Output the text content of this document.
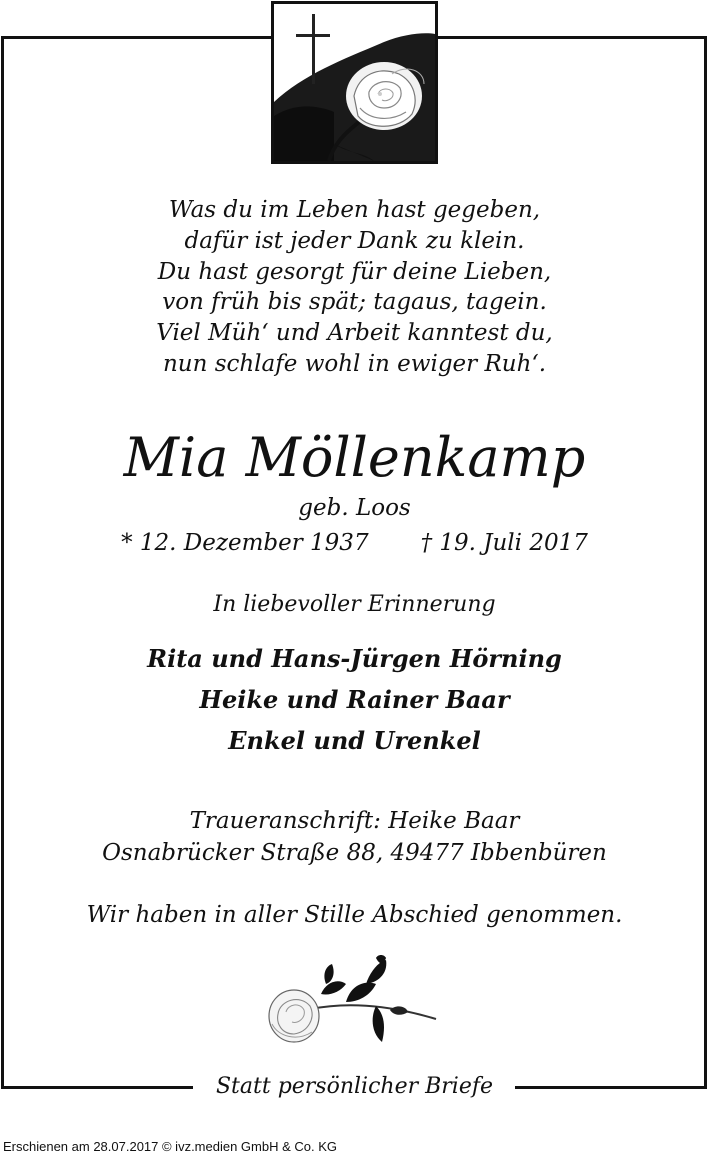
Was du im Leben hast gegeben,
dafür ist jeder Dank zu klein.
Du hast gesorgt für deine Lieben,
von früh bis spät; tagaus, tagein.
Viel Müh‘ und Arbeit kanntest du,
nun schlafe wohl in ewiger Ruh‘.
Mia Möllenkamp
geb. Loos
* 12. Dezember 1937 † 19. Juli 2017
In liebevoller Erinnerung
Rita und Hans-Jürgen Hörning
Heike und Rainer Baar
Enkel und Urenkel
Traueranschrift: Heike Baar
Osnabrücker Straße 88, 49477 Ibbenbüren
Wir haben in aller Stille Abschied genommen.
Statt persönlicher Briefe
Erschienen am 28.07.2017 © ivz.medien GmbH & Co. KG
